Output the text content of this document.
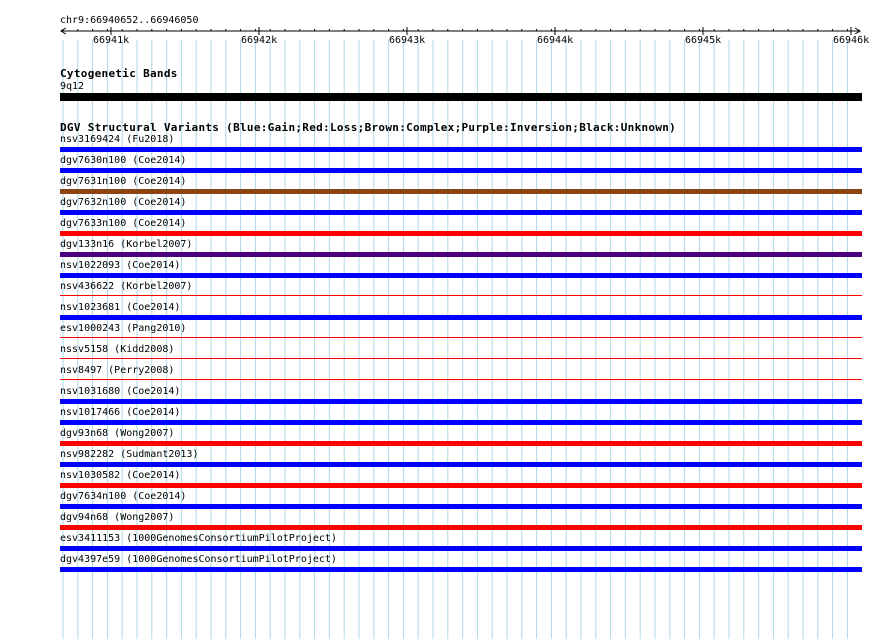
chr9:66940652..66946050
66941k	66942k	66943k	66944k	66945k	66946k
Cytogenetic Bands
9q12
DGV Structural Variants (Blue:Gain;Red:Loss;Brown:Complex;Purple:Inversion;Black:Unknown)
nsv3169424 (Fu2018)
dgv7630n100 (Coe2014)
dgv7631n100 (Coe2014)
dgv7632n100 (Coe2014)
dgv7633n100 (Coe2014)
dgv133n16 (Korbel2007)
nsv1022093 (Coe2014)
nsv436622 (Korbel2007)
nsv1023681 (Coe2014)
esv1000243 (Pang2010)
nssv5158 (Kidd2008)
nsv8497 (Perry2008)
nsv1031680 (Coe2014)
nsv1017466 (Coe2014)
dgv93n68 (Wong2007)
nsv982282 (Sudmant2013)
nsv1030582 (Coe2014)
dgv7634n100 (Coe2014)
dgv94n68 (Wong2007)
esv3411153 (1000GenomesConsortiumPilotProject)
dgv4397e59 (1000GenomesConsortiumPilotProject)
